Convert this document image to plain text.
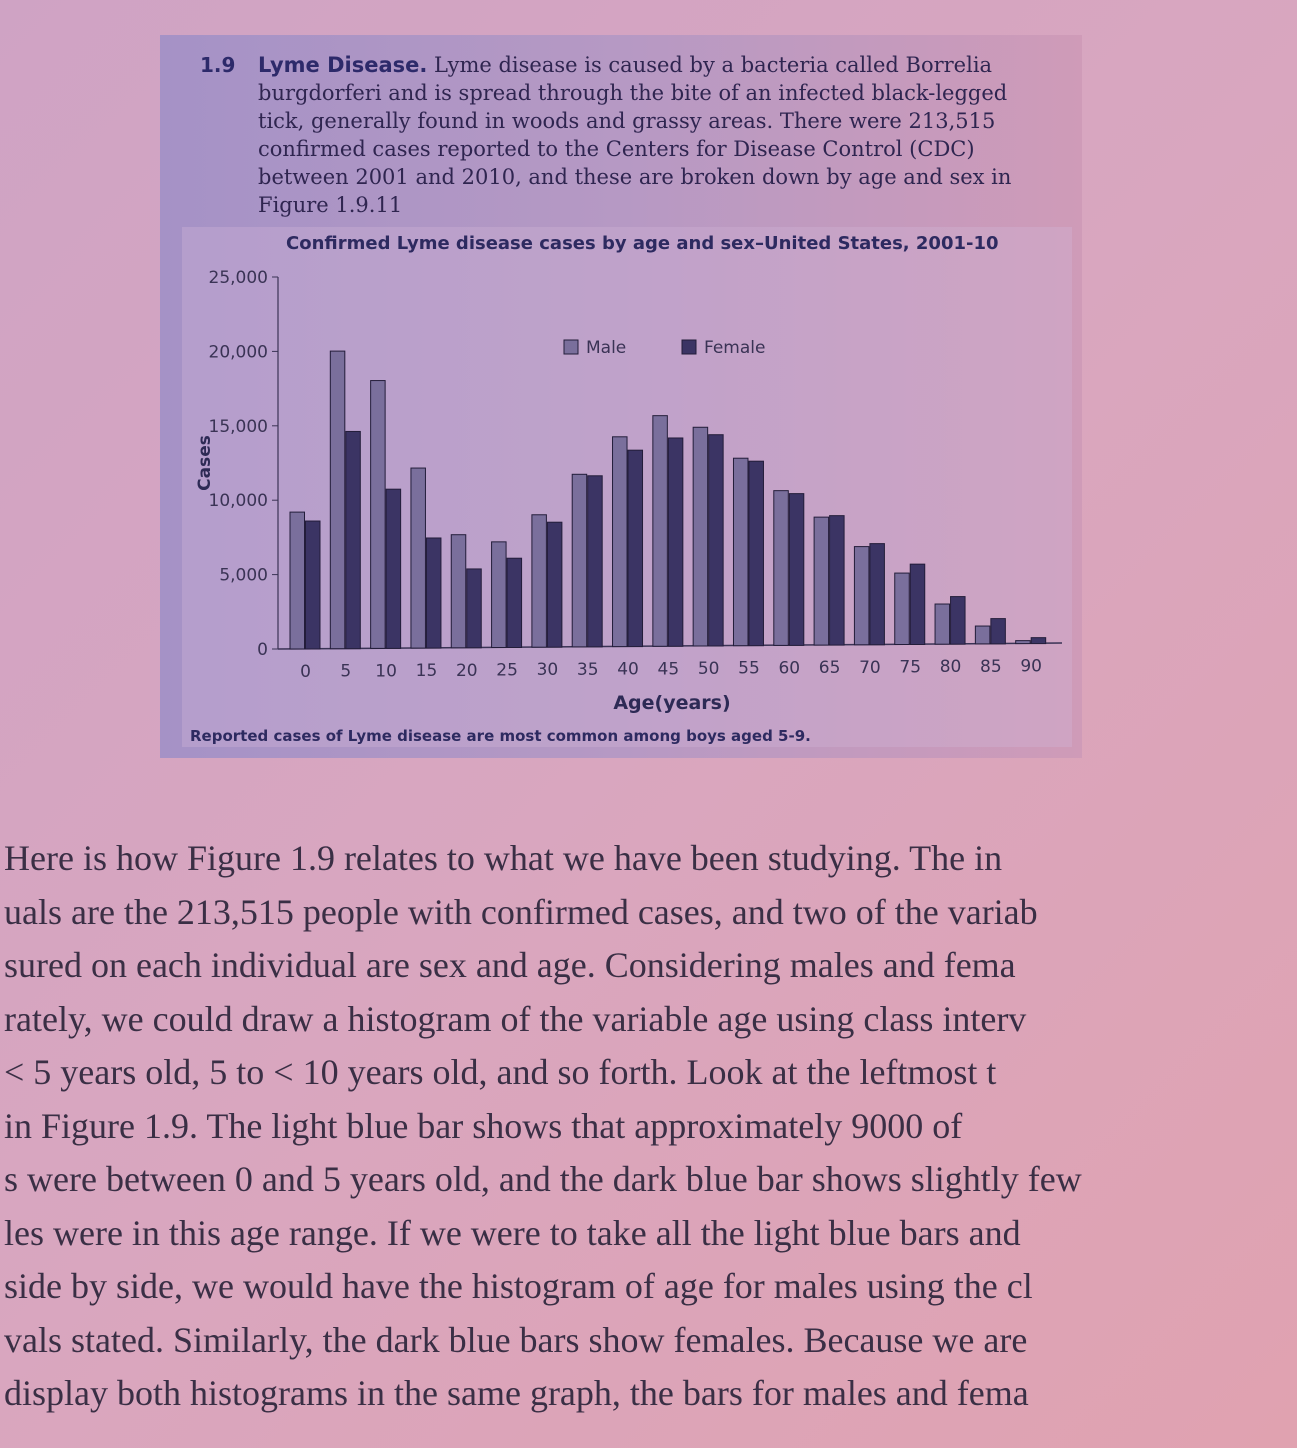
1.9 Lyme Disease. Lyme disease is caused by a bacteria called Borrelia burgdorferi and is spread through the bite of an infected black-legged tick, generally found in woods and grassy areas. There were 213,515 confirmed cases reported to the Centers for Disease Control (CDC) between 2001 and 2010, and these are broken down by age and sex in Figure 1.9.11
Confirmed Lyme disease cases by age and sex–United States, 2001-10
0
5,000
10,000
15,000
20,000
25,000
Cases
0 5 10 15 20 25 30 35 40 45 50 55 60 65 70 75 80 85 90
Age(years)
Male	Female
Reported cases of Lyme disease are most common among boys aged 5-9.
Here is how Figure 1.9 relates to what we have been studying. The in
uals are the 213,515 people with confirmed cases, and two of the variab
sured on each individual are sex and age. Considering males and fema
rately, we could draw a histogram of the variable age using class interv
< 5 years old, 5 to < 10 years old, and so forth. Look at the leftmost t
in Figure 1.9. The light blue bar shows that approximately 9000 of
s were between 0 and 5 years old, and the dark blue bar shows slightly few
les were in this age range. If we were to take all the light blue bars and
side by side, we would have the histogram of age for males using the cl
vals stated. Similarly, the dark blue bars show females. Because we are
display both histograms in the same graph, the bars for males and fema
